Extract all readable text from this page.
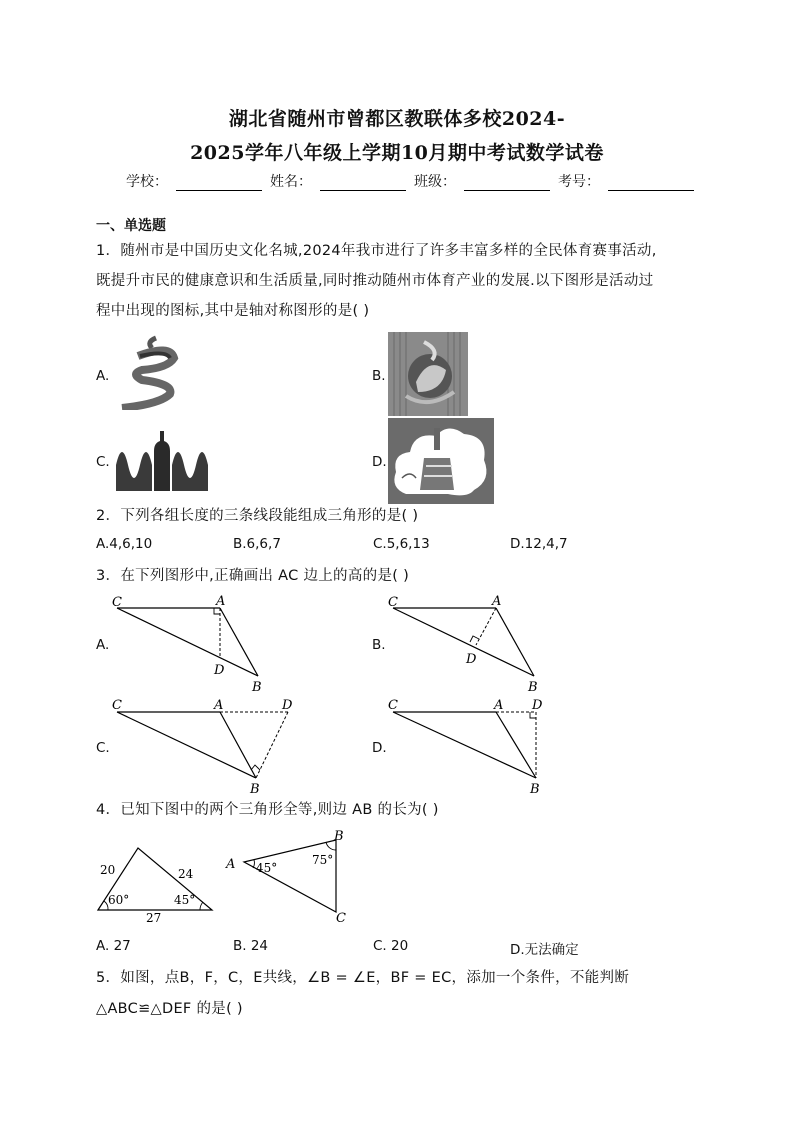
湖北省随州市曾都区教联体多校2024-
2025学年八年级上学期10月期中考试数学试卷
学校：	姓名：	班级：	考号：
一、单选题
1．随州市是中国历史文化名城,2024年我市进行了许多丰富多样的全民体育赛事活动,
既提升市民的健康意识和生活质量,同时推动随州市体育产业的发展.以下图形是活动过
程中出现的图标,其中是轴对称图形的是( )
A.	B.
C.	D.
2．下列各组长度的三条线段能组成三角形的是( )
A.4,6,10	B.6,6,7	C.5,6,13	D.12,4,7
3．在下列图形中,正确画出 AC 边上的高的是( )
A.	B.
C.	D.
C	A
D
B
C	A
D
B
C	A	D
B
C	A D
B
4．已知下图中的两个三角形全等,则边 AB 的长为( )
20	24
27
60°	45°
A
B
C
45°
75°
A. 27	B. 24	C. 20	D.无法确定
5．如图，点B，F，C，E共线，∠B = ∠E，BF = EC，添加一个条件，不能判断
△ABC≌△DEF 的是( )
